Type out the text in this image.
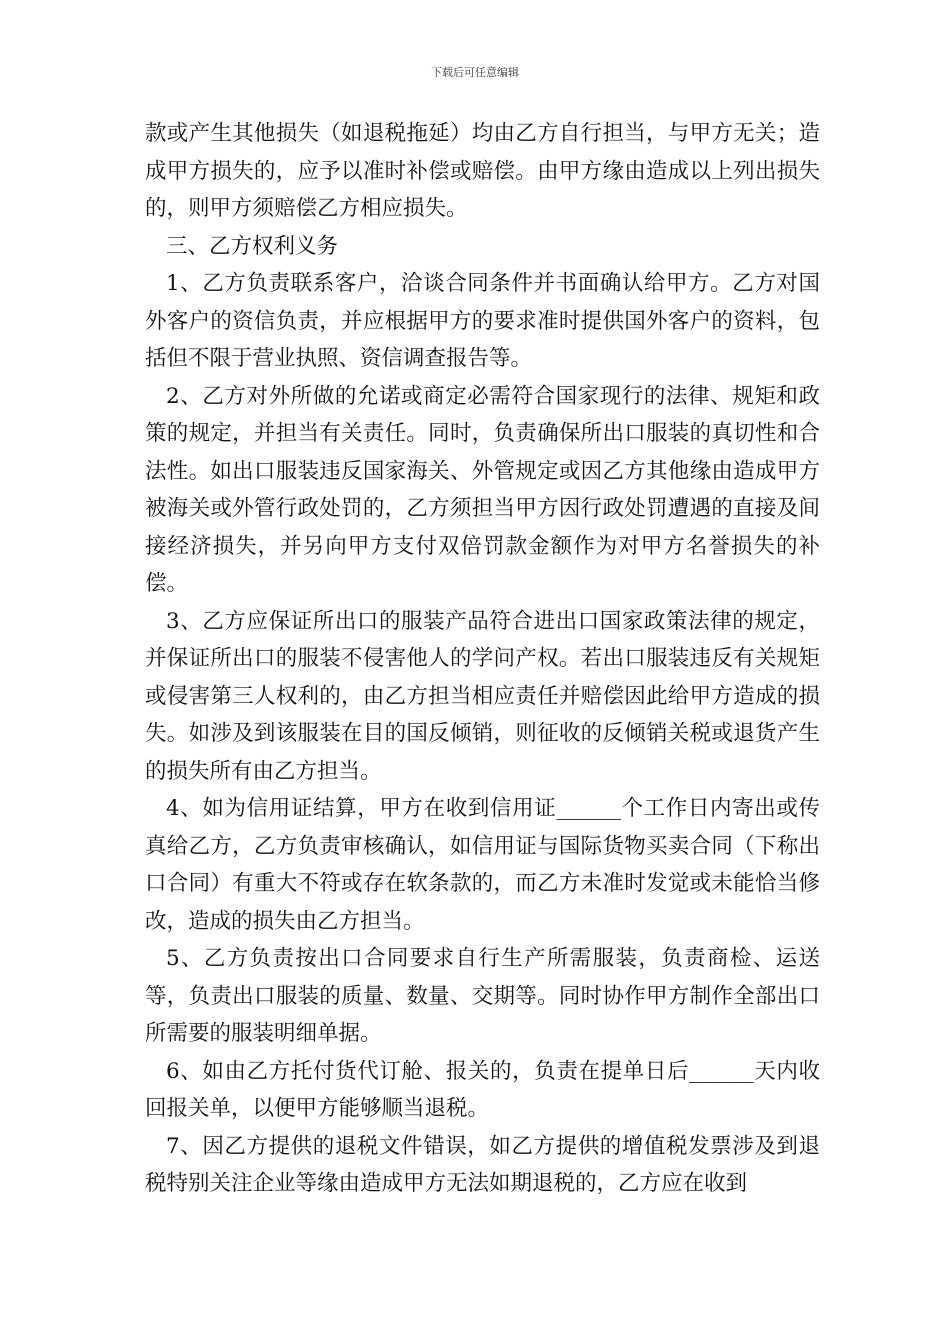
下载后可任意编辑

款或产生其他损失（如退税拖延）均由乙方自行担当，与甲方无关；造成甲方损失的，应予以准时补偿或赔偿。由甲方缘由造成以上列出损失的，则甲方须赔偿乙方相应损失。

三、乙方权利义务

1、乙方负责联系客户，洽谈合同条件并书面确认给甲方。乙方对国外客户的资信负责，并应根据甲方的要求准时提供国外客户的资料，包括但不限于营业执照、资信调查报告等。

2、乙方对外所做的允诺或商定必需符合国家现行的法律、规矩和政策的规定，并担当有关责任。同时，负责确保所出口服装的真切性和合法性。如出口服装违反国家海关、外管规定或因乙方其他缘由造成甲方被海关或外管行政处罚的，乙方须担当甲方因行政处罚遭遇的直接及间接经济损失，并另向甲方支付双倍罚款金额作为对甲方名誉损失的补偿。

3、乙方应保证所出口的服装产品符合进出口国家政策法律的规定，并保证所出口的服装不侵害他人的学问产权。若出口服装违反有关规矩或侵害第三人权利的，由乙方担当相应责任并赔偿因此给甲方造成的损失。如涉及到该服装在目的国反倾销，则征收的反倾销关税或退货产生的损失所有由乙方担当。

4、如为信用证结算，甲方在收到信用证______个工作日内寄出或传真给乙方，乙方负责审核确认，如信用证与国际货物买卖合同（下称出口合同）有重大不符或存在软条款的，而乙方未准时发觉或未能恰当修改，造成的损失由乙方担当。

5、乙方负责按出口合同要求自行生产所需服装，负责商检、运送等，负责出口服装的质量、数量、交期等。同时协作甲方制作全部出口所需要的服装明细单据。

6、如由乙方托付货代订舱、报关的，负责在提单日后______天内收回报关单，以便甲方能够顺当退税。

7、因乙方提供的退税文件错误，如乙方提供的增值税发票涉及到退税特别关注企业等缘由造成甲方无法如期退税的，乙方应在收到
